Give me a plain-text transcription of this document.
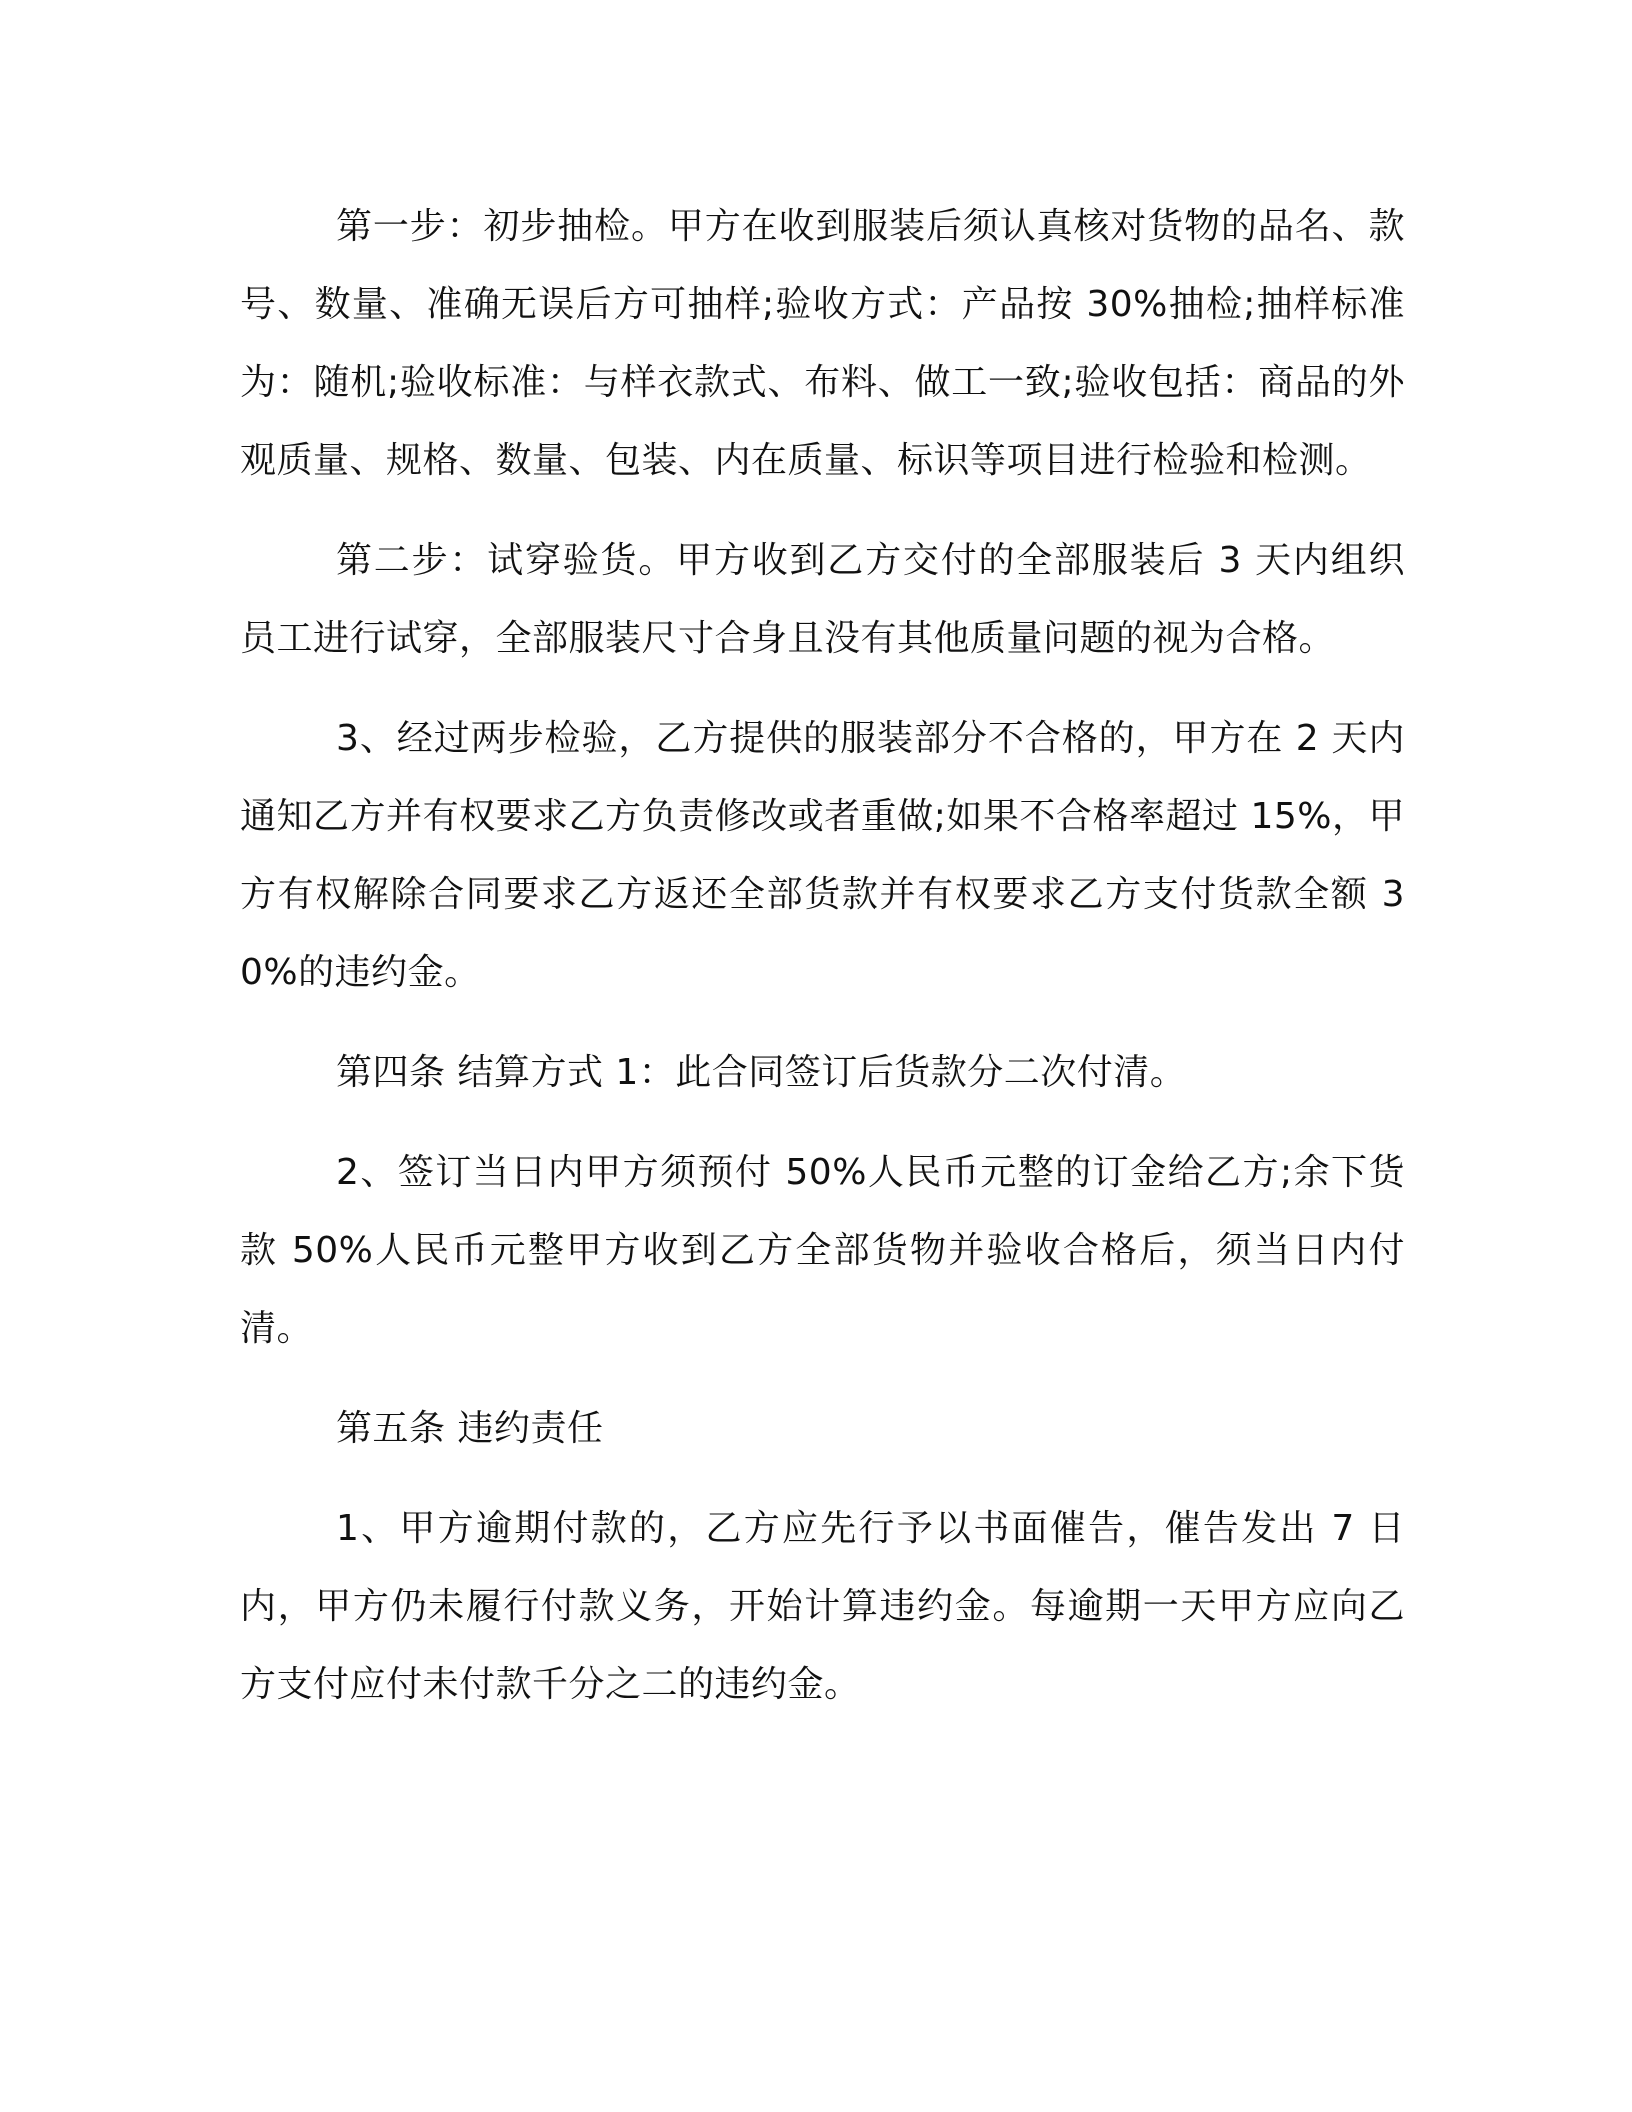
第一步：初步抽检。甲方在收到服装后须认真核对货物的品名、款号、数量、准确无误后方可抽样;验收方式：产品按 30%抽检;抽样标准为：随机;验收标准：与样衣款式、布料、做工一致;验收包括：商品的外观质量、规格、数量、包装、内在质量、标识等项目进行检验和检测。

第二步：试穿验货。甲方收到乙方交付的全部服装后 3 天内组织员工进行试穿，全部服装尺寸合身且没有其他质量问题的视为合格。

3、经过两步检验，乙方提供的服装部分不合格的，甲方在 2 天内通知乙方并有权要求乙方负责修改或者重做;如果不合格率超过 15%，甲方有权解除合同要求乙方返还全部货款并有权要求乙方支付货款全额 30%的违约金。

第四条 结算方式 1：此合同签订后货款分二次付清。

2、签订当日内甲方须预付 50%人民币元整的订金给乙方;余下货款 50%人民币元整甲方收到乙方全部货物并验收合格后，须当日内付清。

第五条 违约责任

1、甲方逾期付款的，乙方应先行予以书面催告，催告发出 7 日内，甲方仍未履行付款义务，开始计算违约金。每逾期一天甲方应向乙方支付应付未付款千分之二的违约金。
